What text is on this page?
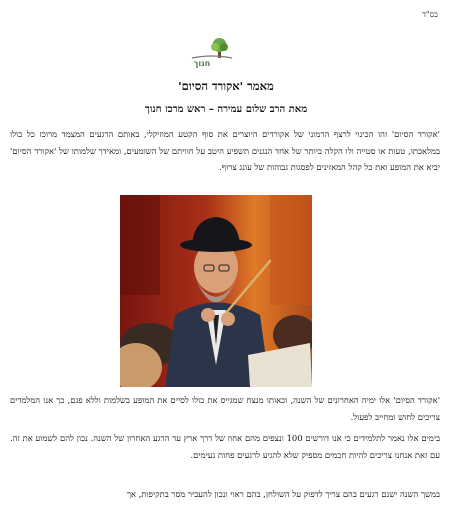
בס"ד
חנוך
מאמר 'אקורד הסיום'
מאת הרב שלום עמירה – ראש מרכז חנוך
'אקורד הסיום' זהו הכינוי לרצף הרמוני של אקורדים היוצרים את סוף הקטע המוזיקלי, באותם הרגעים המצמד מרוכז כל כולו במלאכתו, טעות או סטייה ולו הקלה ביותר של אחד הנגנים תשפיע היטב על חוויתם של השומעים, ומאידך שלמותו של 'אקורד הסיום' יביא את המופע ואת כל קהל המאזינים לפסגות גבוהות של עונג צרוף.
'אקורד הסיום' אלו ימיה האחרונים של השנה, וכאותו מנצח שמגייס את כולו לסיים את המופע בשלמות וללא פגם, כך אנו המלמדים צריכים לחוש ומחייב לפעול.
בימים אלו נאמר לתלמידים כי אנו דורשים 100 ונצפים מהם אחוז של דרך ארץ עד הרגע האחרון של השנה. נכון להם לשמוע את זה. עם זאת אנחנו צריכים להיות חכמים מספיק שלא להגיע לרגעים פחות נעימים.
במשך השנה ישנם רגעים בהם צריך לדפוק על השולחן, בהם ראוי ונכון להעביר מסר בתקיפות, אך
